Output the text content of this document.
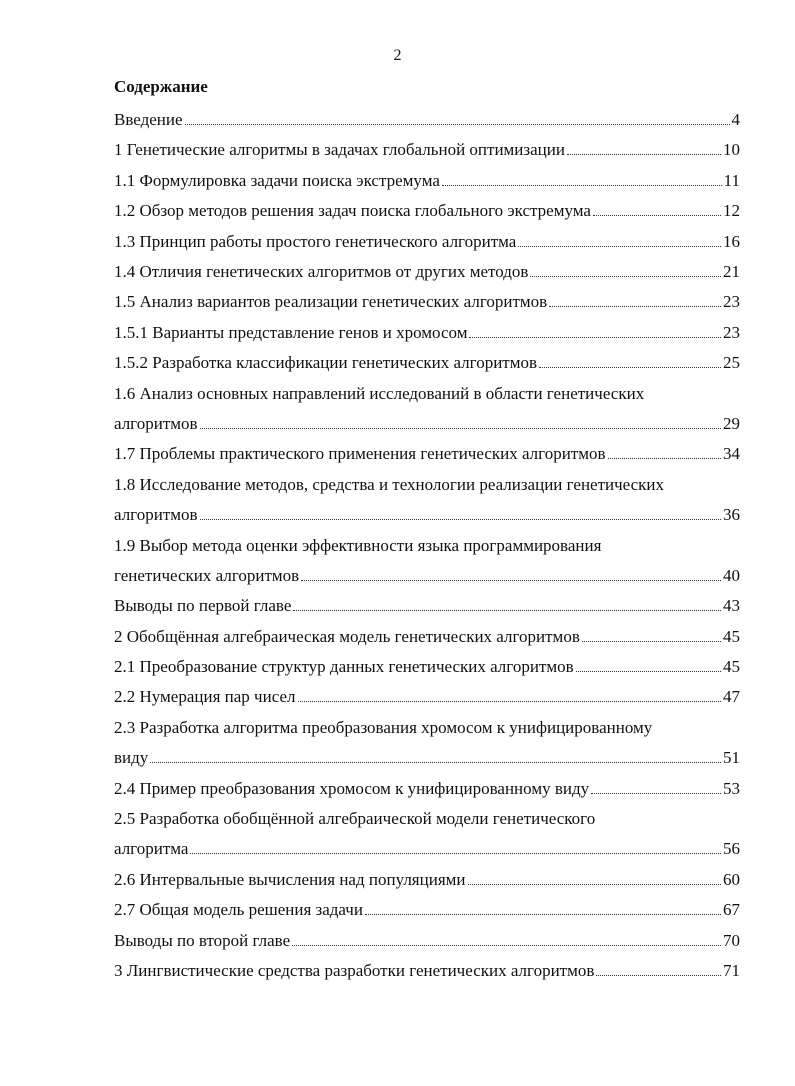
2
Содержание
Введение	4
1 Генетические алгоритмы в задачах глобальной оптимизации	10
1.1 Формулировка задачи поиска экстремума	11
1.2 Обзор методов решения задач поиска глобального экстремума	12
1.3 Принцип работы простого генетического алгоритма	16
1.4 Отличия генетических алгоритмов от других методов	21
1.5 Анализ вариантов реализации генетических алгоритмов	23
1.5.1 Варианты представление генов и хромосом	23
1.5.2 Разработка классификации генетических алгоритмов	25
1.6 Анализ основных направлений исследований в области генетических
алгоритмов	29
1.7 Проблемы практического применения генетических алгоритмов	34
1.8 Исследование методов, средства и технологии реализации генетических
алгоритмов	36
1.9 Выбор метода оценки эффективности языка программирования
генетических алгоритмов	40
Выводы по первой главе	43
2 Обобщённая алгебраическая модель генетических алгоритмов	45
2.1 Преобразование структур данных генетических алгоритмов	45
2.2 Нумерация пар чисел	47
2.3 Разработка алгоритма преобразования хромосом к унифицированному
виду	51
2.4 Пример преобразования хромосом к унифицированному виду	53
2.5 Разработка обобщённой алгебраической модели генетического
алгоритма	56
2.6 Интервальные вычисления над популяциями	60
2.7 Общая модель решения задачи	67
Выводы по второй главе	70
3 Лингвистические средства разработки генетических алгоритмов	71
